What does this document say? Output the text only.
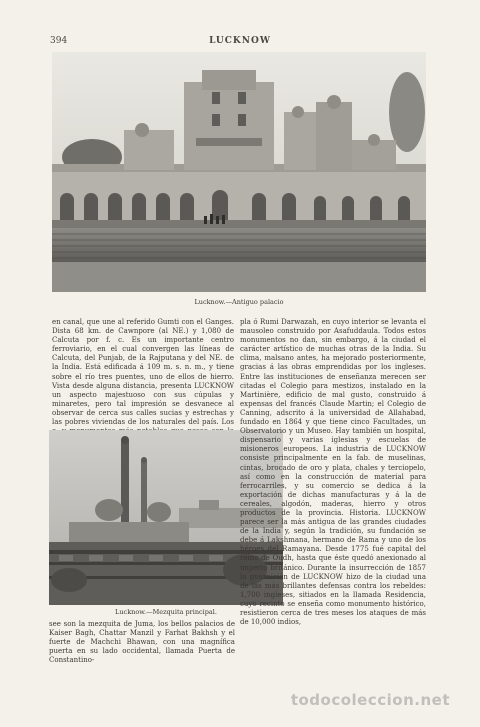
394	LUCKNOW
Lucknow.—Antiguo palacio

en canal, que une al referido Gumti con el Ganges. Dista 68 km. de Cawnpore (al NE.) y 1,080 de Calcuta por f. c. Es un importante centro ferroviario, en el cual convergen las líneas de Calcuta, del Punjab, de la Rajputana y del NE. de la India. Está edificada á 109 m. s. n. m., y tiene sobre el río tres puentes, uno de ellos de hierro. Vista desde alguna distancia, presenta LUCKNOW un aspecto majestuoso con sus cúpulas y minaretes, pero tal impresión se desvanece al observar de cerca sus calles sucias y estrechas y las pobres viviendas de los naturales del país. Los

Lucknow.—Mezquita principal.

see son la mezquita de Juma, los bellos palacios de Kaiser Bagh, Chattar Manzil y Farhat Bakhsh y el fuerte de Machchi Bhawan, con una magnífica puerta en su lado occidental, llamada Puerta de Constantino-

pla ó Rumi Darwazah, en cuyo interior se levanta el mausoleo construido por Asafuddaula. Todos estos monumentos no dan, sin embargo, á la ciudad el carácter artístico de muchas otras de la India. Su clima, malsano antes, ha mejorado posteriormente, gracias á las obras emprendidas por los ingleses. Entre las instituciones de enseñanza merecen ser citadas el Colegio para mestizos, instalado en la Martinière, edificio de mal gusto, construido á expensas del francés Claude Martin; el Colegio de Canning, adscrito á la universidad de Allahabad, fundado en 1864 y que tiene cinco Facultades, un Observatorio y un Museo. Hay también un hospital, dispensario y varias iglesias y escuelas de misioneros europeos. La industria de LUCKNOW consiste principalmente en la fab. de muselinas, cintas, brocado de oro y plata, chales y terciopelo, así como en la construcción de material para ferrocarriles, y su comercio se dedica á la exportación de dichas manufacturas y á la de cereales, algodón, maderas, hierro y otros productos de la provincia. Historia. LUCKNOW parece ser la más antigua de las grandes ciudades de la India y, según la tradición, su fundación se debe á Lakshmana, hermano de Rama y uno de los héroes del Ramayana. Desde 1775 fué capital del reino de Oudh, hasta que éste quedó anexionado al imperio británico. Durante la insurrección de 1857 la guarnición de LUCKNOW hizo de la ciudad una de las más brillantes defensas contra los rebeldes: 1,700 ingleses, sitiados en la llamada Residencia, cuyo recinto se enseña como monumento histórico, resistieron cerca de tres meses los ataques de más de 10,000 indios,

todocoleccion.net
